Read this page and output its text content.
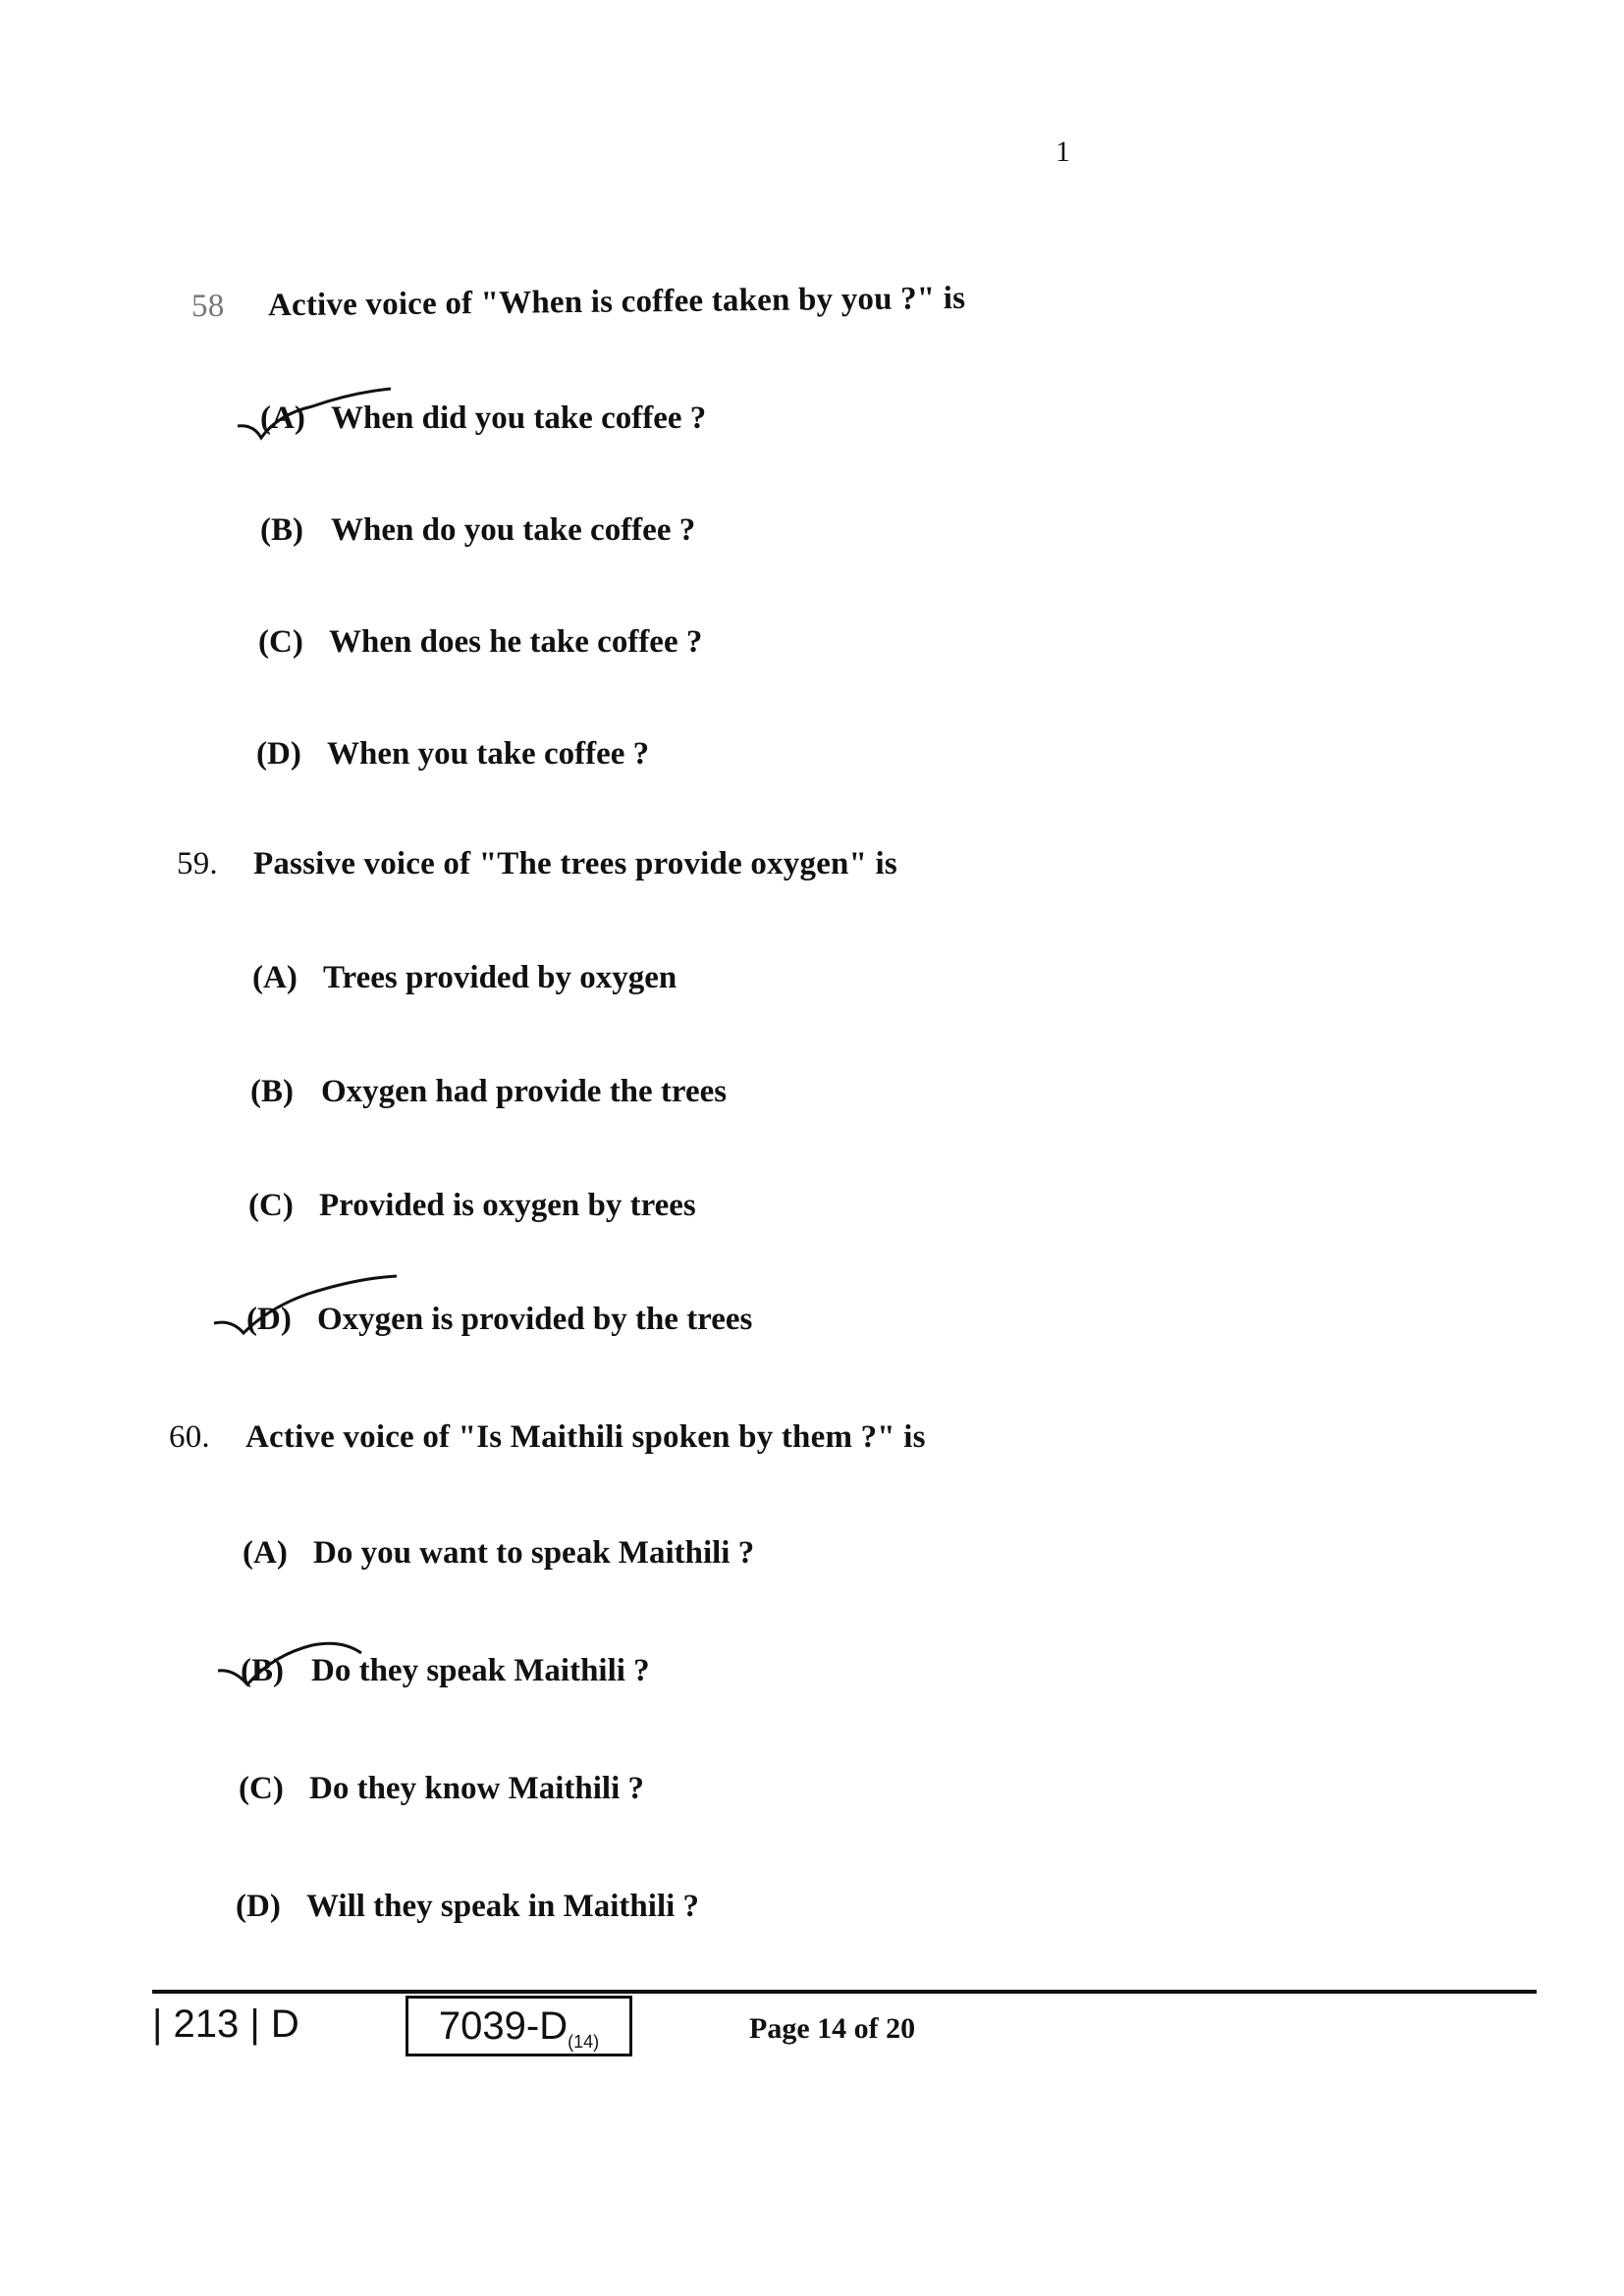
1
58 Active voice of "When is coffee taken by you ?" is
(A) When did you take coffee ?
(B) When do you take coffee ?
(C) When does he take coffee ?
(D) When you take coffee ?
59. Passive voice of "The trees provide oxygen" is
(A) Trees provided by oxygen
(B) Oxygen had provide the trees
(C) Provided is oxygen by trees
(D) Oxygen is provided by the trees
60. Active voice of "Is Maithili spoken by them ?" is
(A) Do you want to speak Maithili ?
(B) Do they speak Maithili ?
(C) Do they know Maithili ?
(D) Will they speak in Maithili ?
| 213 | D	$7039-D_{(14)}$	Page 14 of 20
